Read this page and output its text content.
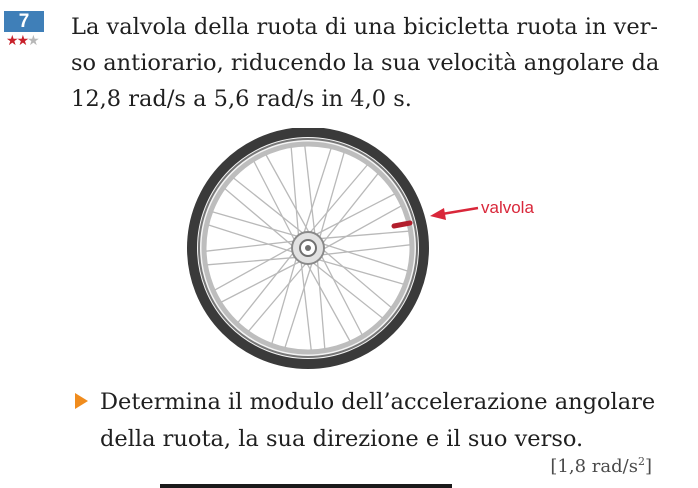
7
★★★
La valvola della ruota di una bicicletta ruota in ver-
so antiorario, riducendo la sua velocità angolare da
12,8 rad/s a 5,6 rad/s in 4,0 s.
valvola
Determina il modulo dell’accelerazione angolare
della ruota, la sua direzione e il suo verso.
[1,8 rad/$s^2$]
